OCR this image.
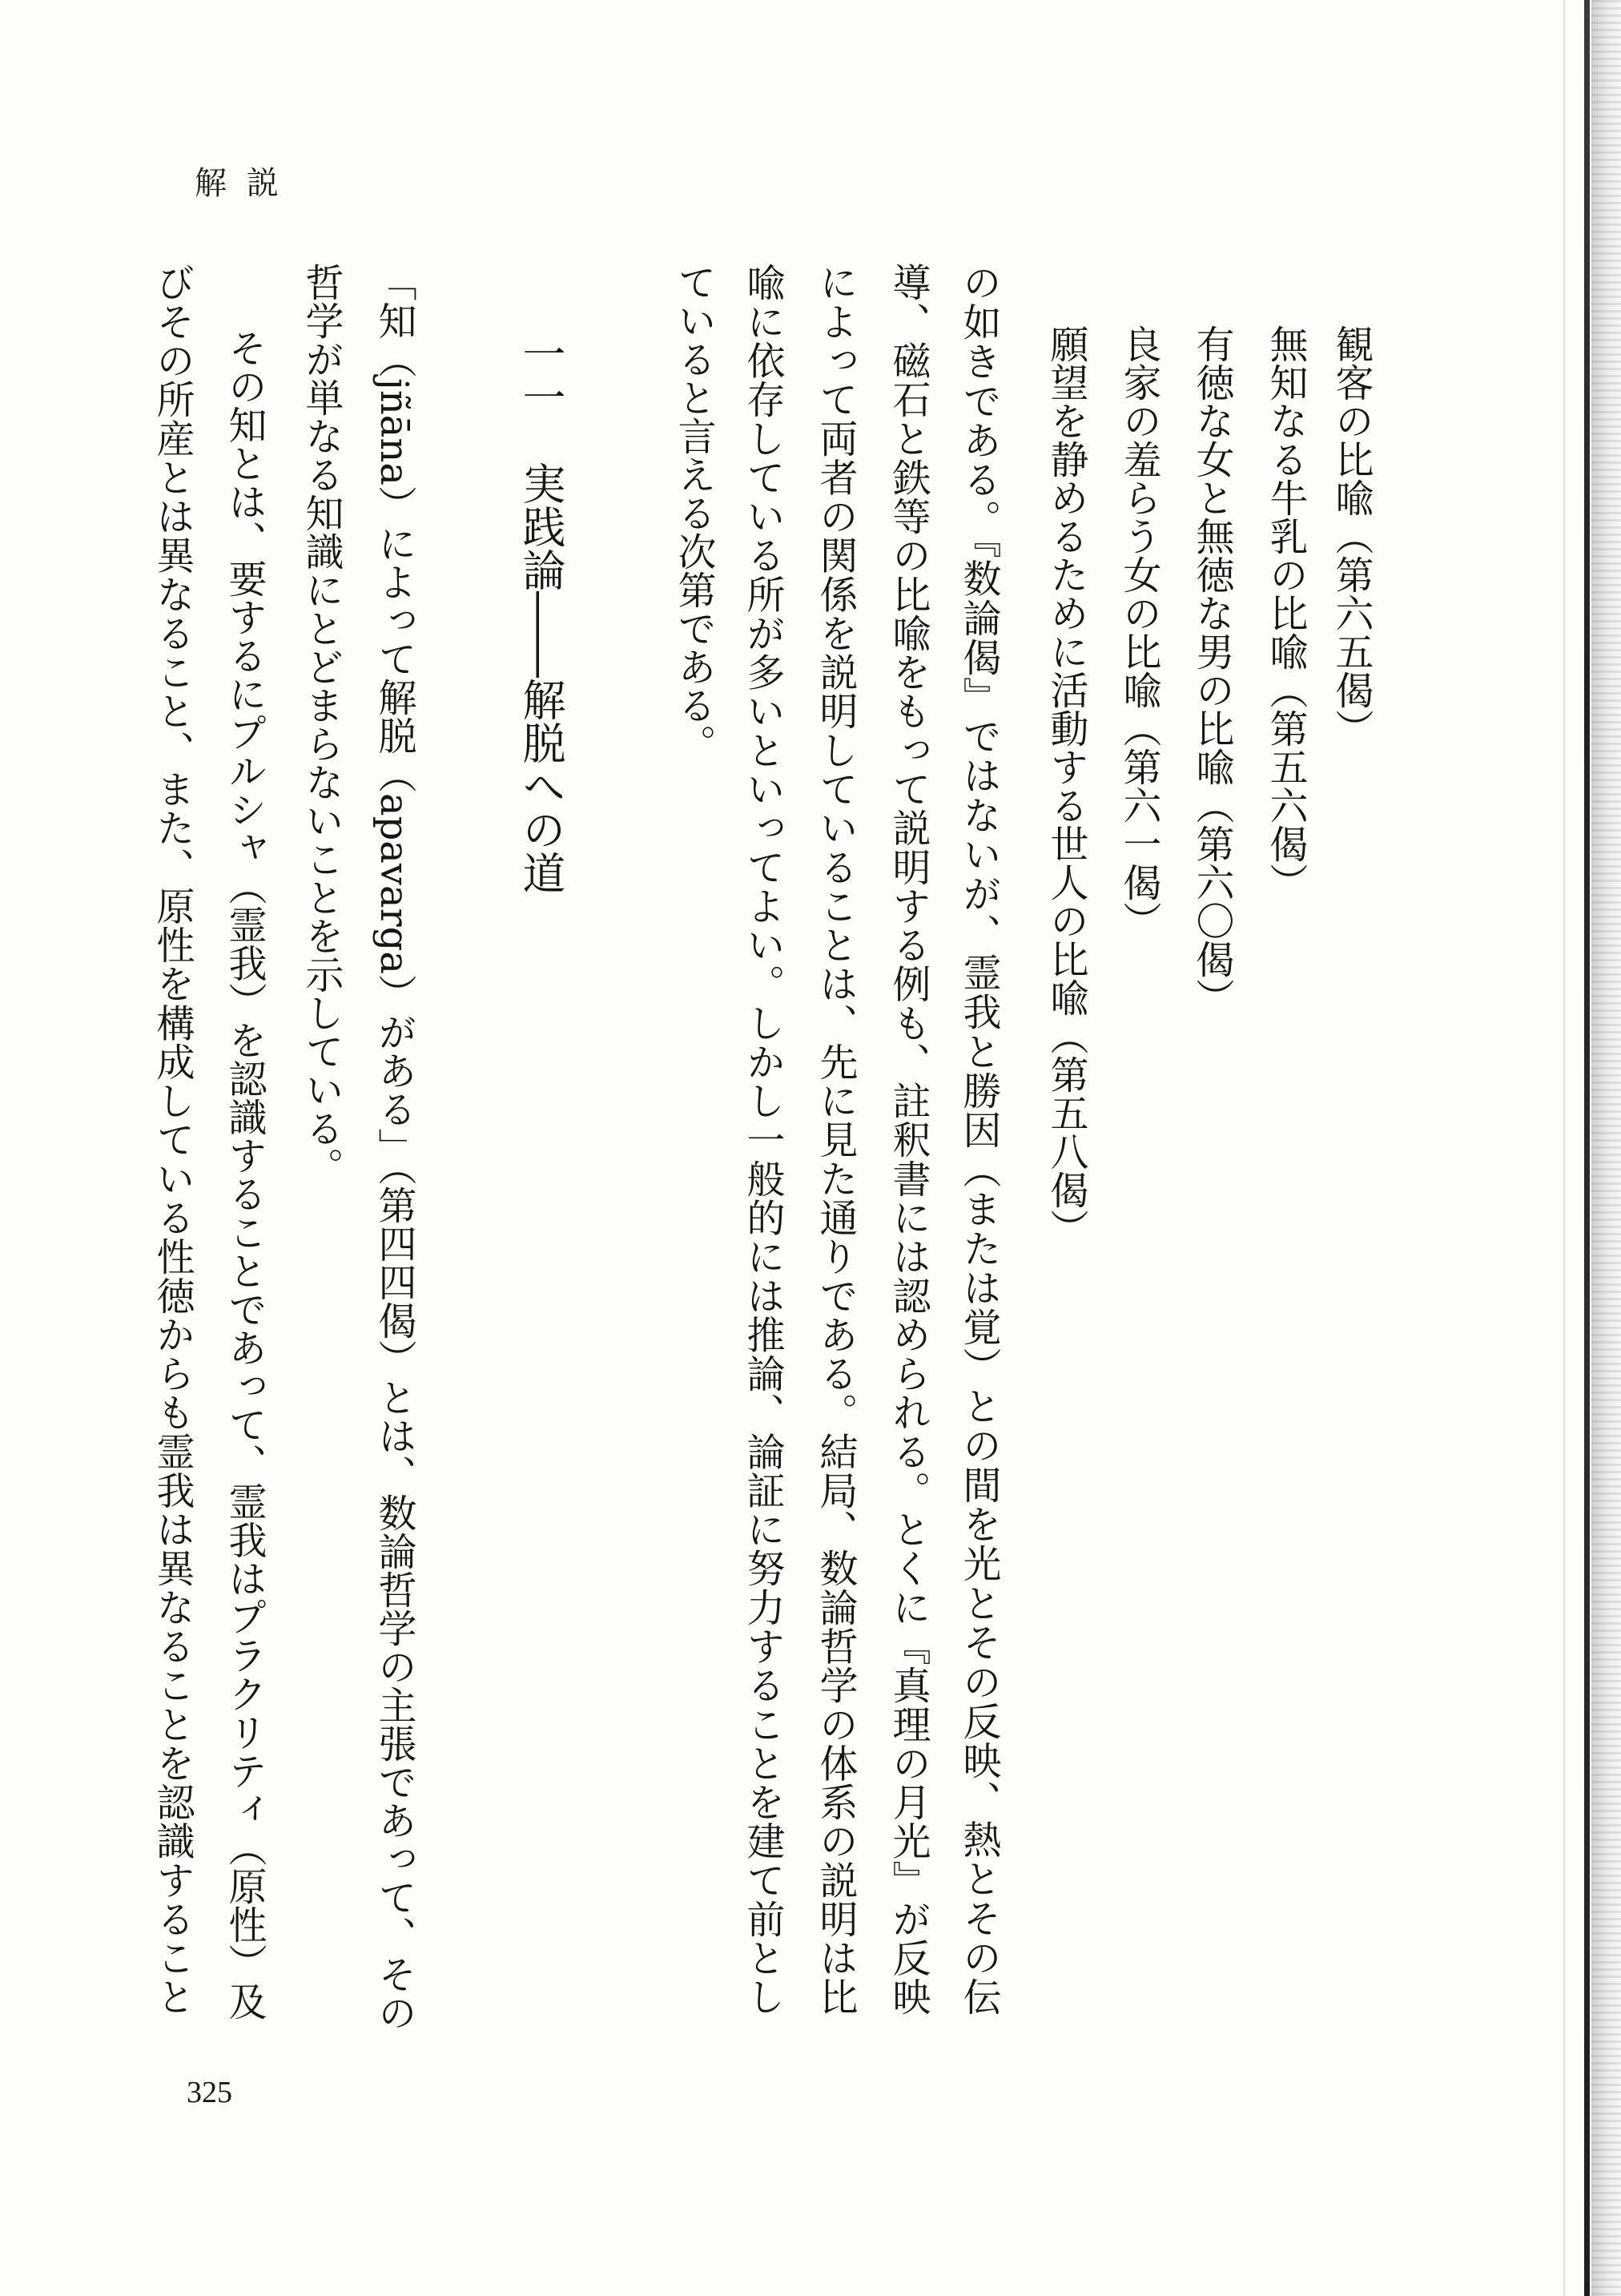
解 説
観客の比喩（第六五偈）
無知なる牛乳の比喩（第五六偈）
有徳な女と無徳な男の比喩（第六〇偈）
良家の羞らう女の比喩（第六一偈）
願望を静めるために活動する世人の比喩（第五八偈）
の如きである。『数論偈』ではないが、霊我と勝因（または覚）との間を光とその反映、熱とその伝
導、磁石と鉄等の比喩をもって説明する例も、註釈書には認められる。とくに『真理の月光』が反映
によって両者の関係を説明していることは、先に見た通りである。結局、数論哲学の体系の説明は比
喩に依存している所が多いといってよい。しかし一般的には推論、論証に努力することを建て前とし
ていると言える次第である。
一一　実践論――解脱への道
「知（jñāna）によって解脱（apavarga）がある」（第四四偈）とは、数論哲学の主張であって、その
哲学が単なる知識にとどまらないことを示している。
その知とは、要するにプルシャ（霊我）を認識することであって、霊我はプラクリティ（原性）及
びその所産とは異なること、また、原性を構成している性徳からも霊我は異なることを認識すること
325
